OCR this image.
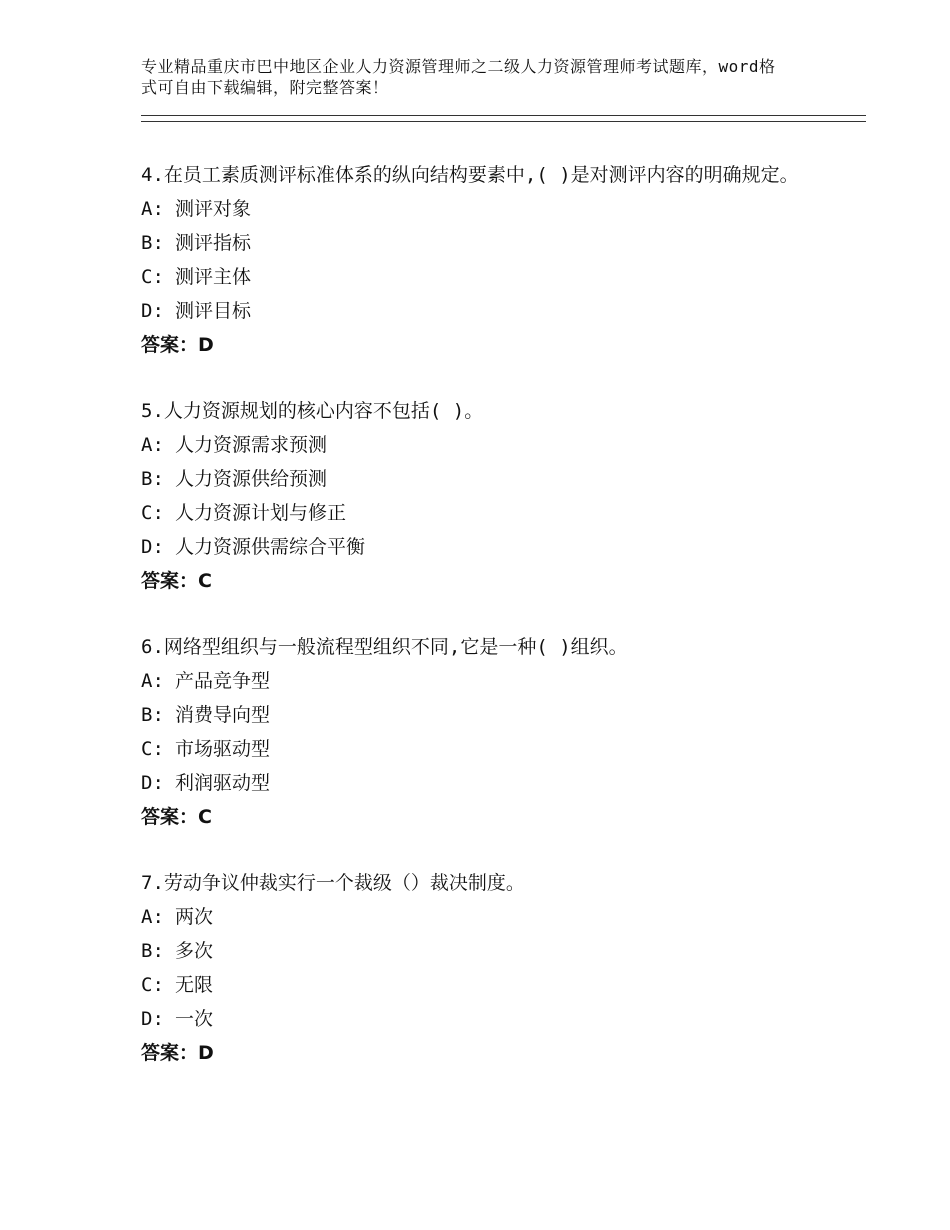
专业精品重庆市巴中地区企业人力资源管理师之二级人力资源管理师考试题库，word格式可自由下载编辑，附完整答案！

4.在员工素质测评标准体系的纵向结构要素中,( )是对测评内容的明确规定。

A: 测评对象

B: 测评指标

C: 测评主体

D: 测评目标

答案：D

5.人力资源规划的核心内容不包括( )。

A: 人力资源需求预测

B: 人力资源供给预测

C: 人力资源计划与修正

D: 人力资源供需综合平衡

答案：C

6.网络型组织与一般流程型组织不同,它是一种( )组织。

A: 产品竞争型

B: 消费导向型

C: 市场驱动型

D: 利润驱动型

答案：C

7.劳动争议仲裁实行一个裁级（）裁决制度。

A: 两次

B: 多次

C: 无限

D: 一次

答案：D
